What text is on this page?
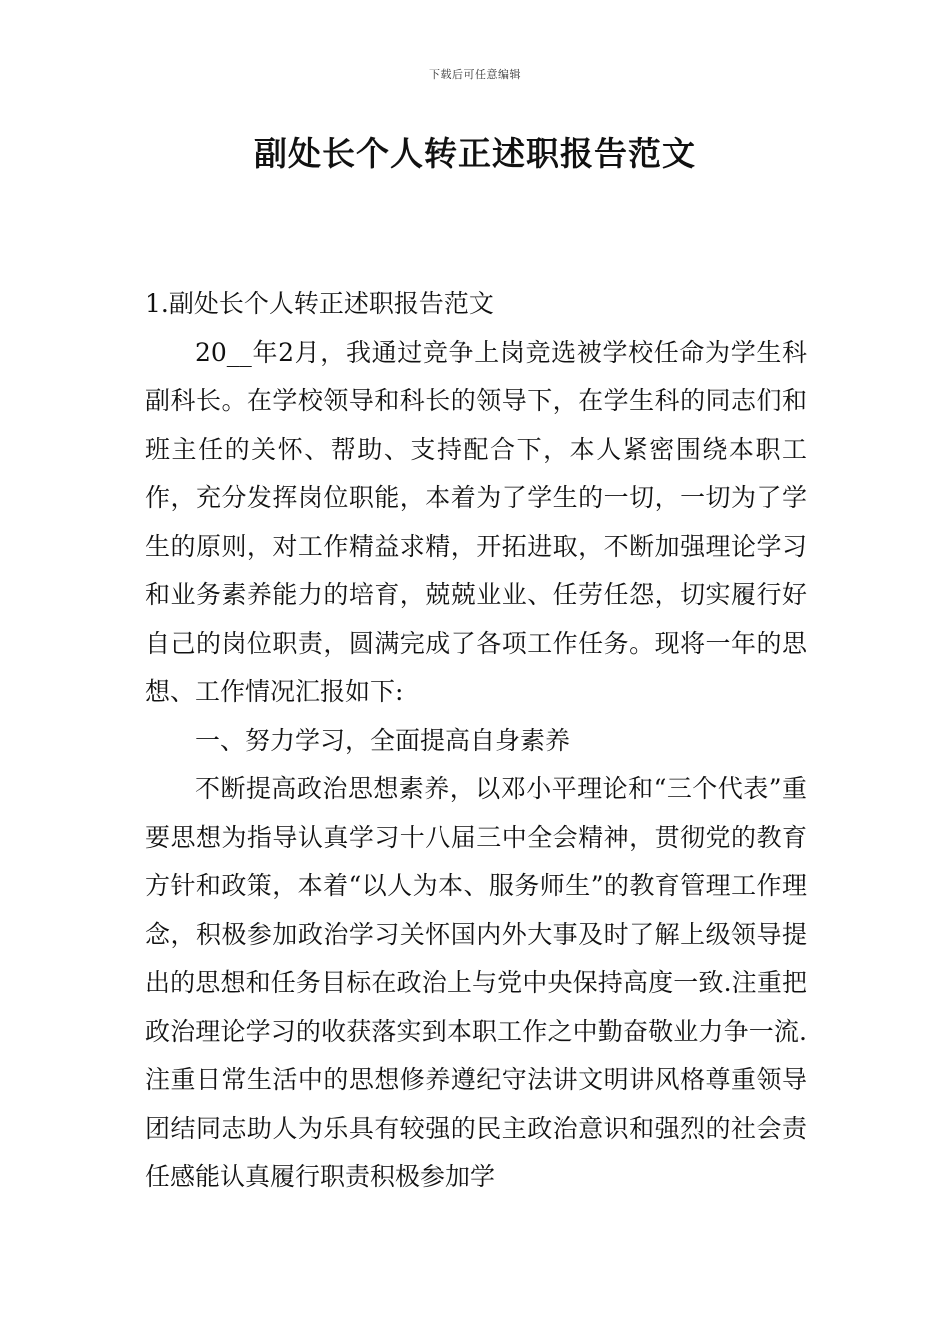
下载后可任意编辑
副处长个人转正述职报告范文

1.副处长个人转正述职报告范文

20__年2月，我通过竞争上岗竞选被学校任命为学生科副科长。在学校领导和科长的领导下，在学生科的同志们和班主任的关怀、帮助、支持配合下，本人紧密围绕本职工作，充分发挥岗位职能，本着为了学生的一切，一切为了学生的原则，对工作精益求精，开拓进取，不断加强理论学习和业务素养能力的培育，兢兢业业、任劳任怨，切实履行好自己的岗位职责，圆满完成了各项工作任务。现将一年的思想、工作情况汇报如下:

一、努力学习，全面提高自身素养

不断提高政治思想素养，以邓小平理论和“三个代表”重要思想为指导认真学习十八届三中全会精神，贯彻党的教育方针和政策，本着“以人为本、服务师生”的教育管理工作理念，积极参加政治学习关怀国内外大事及时了解上级领导提出的思想和任务目标在政治上与党中央保持高度一致.注重把政治理论学习的收获落实到本职工作之中勤奋敬业力争一流.注重日常生活中的思想修养遵纪守法讲文明讲风格尊重领导团结同志助人为乐具有较强的民主政治意识和强烈的社会责任感能认真履行职责积极参加学
